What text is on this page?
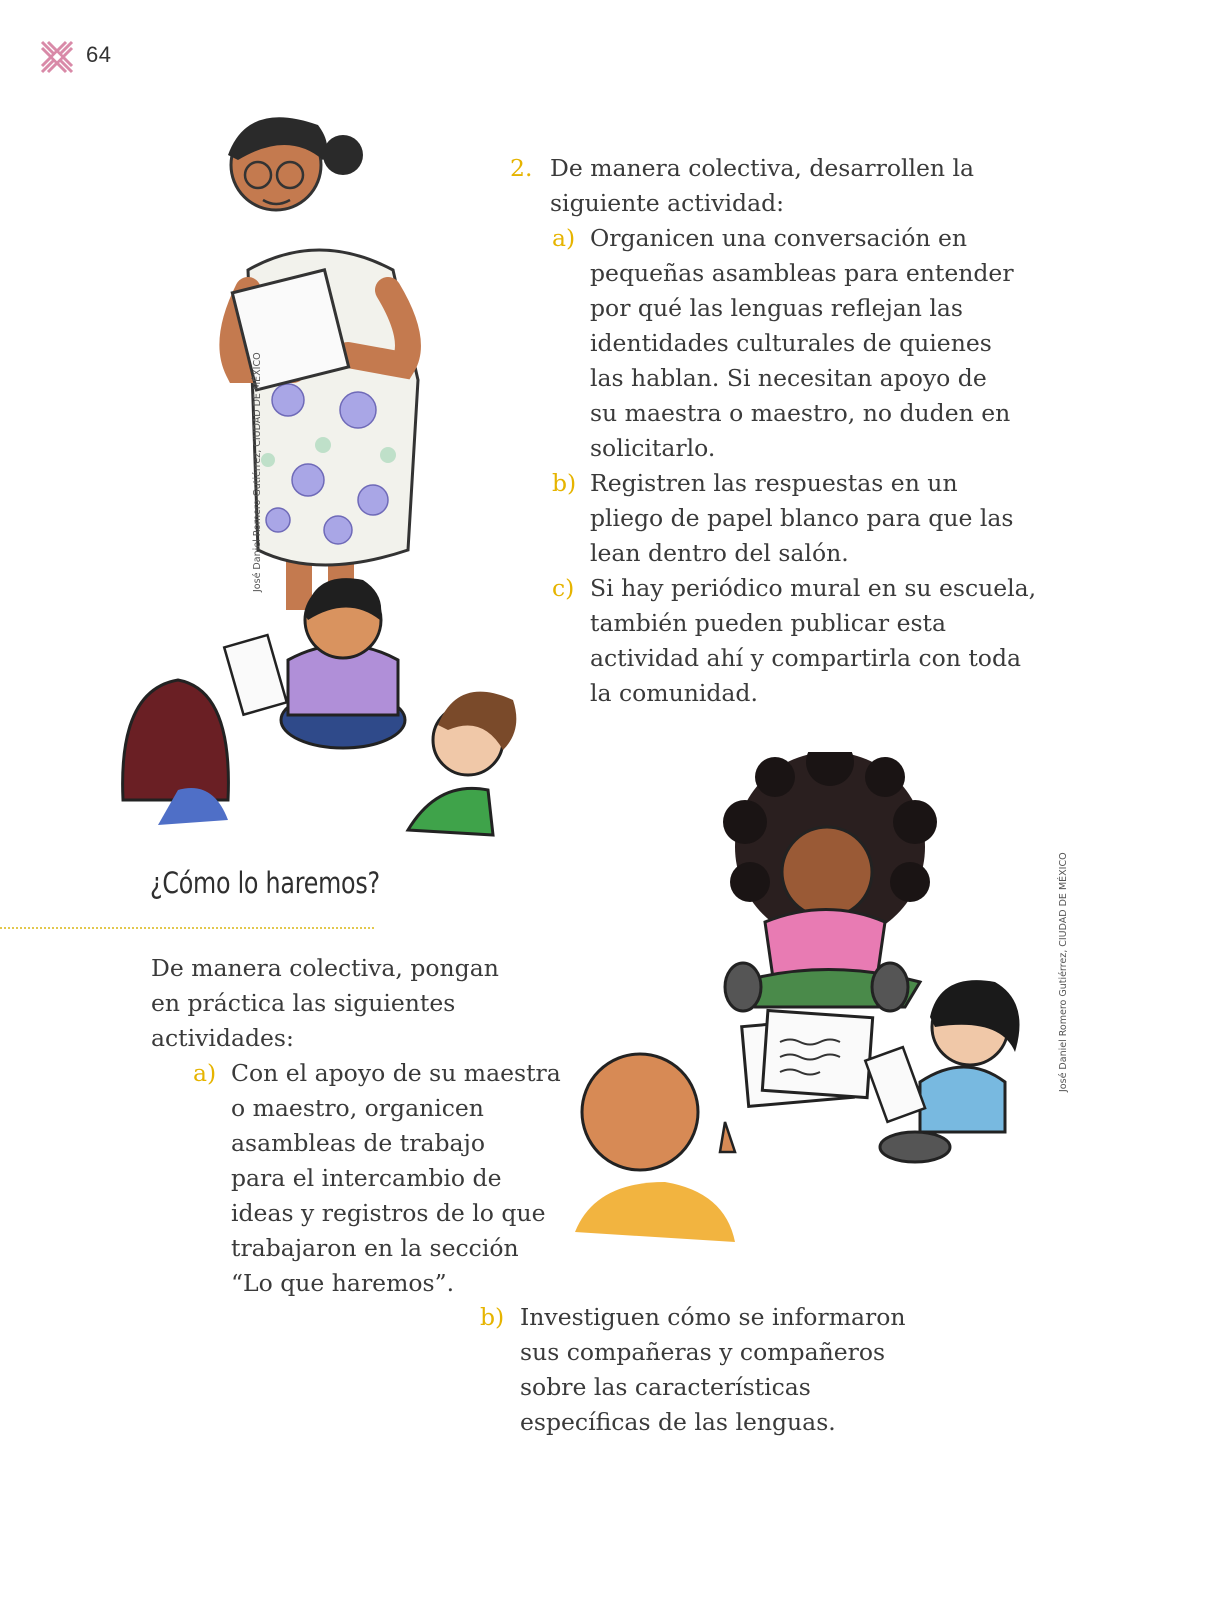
64
José Daniel Romero Gutiérrez, CIUDAD DE MÉXICO
2. De manera colectiva, desarrollen la

siguiente actividad:

a) Organicen una conversación en

pequeñas asambleas para entender

por qué las lenguas reflejan las

identidades culturales de quienes

las hablan. Si necesitan apoyo de

su maestra o maestro, no duden en

solicitarlo.

b) Registren las respuestas en un

pliego de papel blanco para que las

lean dentro del salón.

c) Si hay periódico mural en su escuela,

también pueden publicar esta

actividad ahí y compartirla con toda

la comunidad.

¿Cómo lo haremos?

De manera colectiva, pongan

en práctica las siguientes

actividades:

a) Con el apoyo de su maestra

o maestro, organicen

asambleas de trabajo

para el intercambio de

ideas y registros de lo que

trabajaron en la sección

“Lo que haremos”.

b) Investiguen cómo se informaron

sus compañeras y compañeros

sobre las características

específicas de las lenguas.

José Daniel Romero Gutiérrez, CIUDAD DE MÉXICO
